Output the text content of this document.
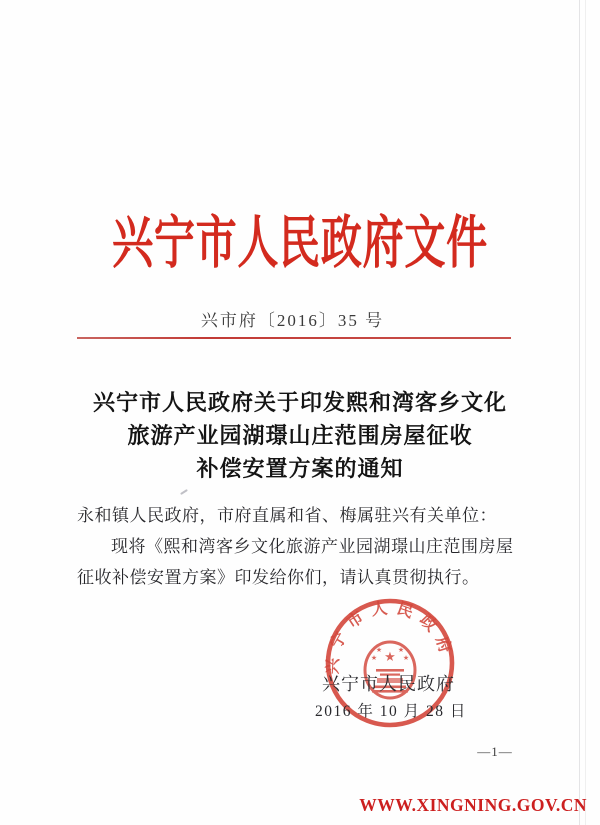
兴宁市人民政府文件
兴市府〔2016〕35 号
兴宁市人民政府关于印发熙和湾客乡文化
旅游产业园湖璟山庄范围房屋征收
补偿安置方案的通知

永和镇人民政府，市府直属和省、梅属驻兴有关单位：

现将《熙和湾客乡文化旅游产业园湖璟山庄范围房屋征收补偿安置方案》印发给你们，请认真贯彻执行。

兴宁市人民政府
★
★ ★
★	★
兴宁市人民政府
2016 年 10 月 28 日
—1—
WWW.XINGNING.GOV.CN
